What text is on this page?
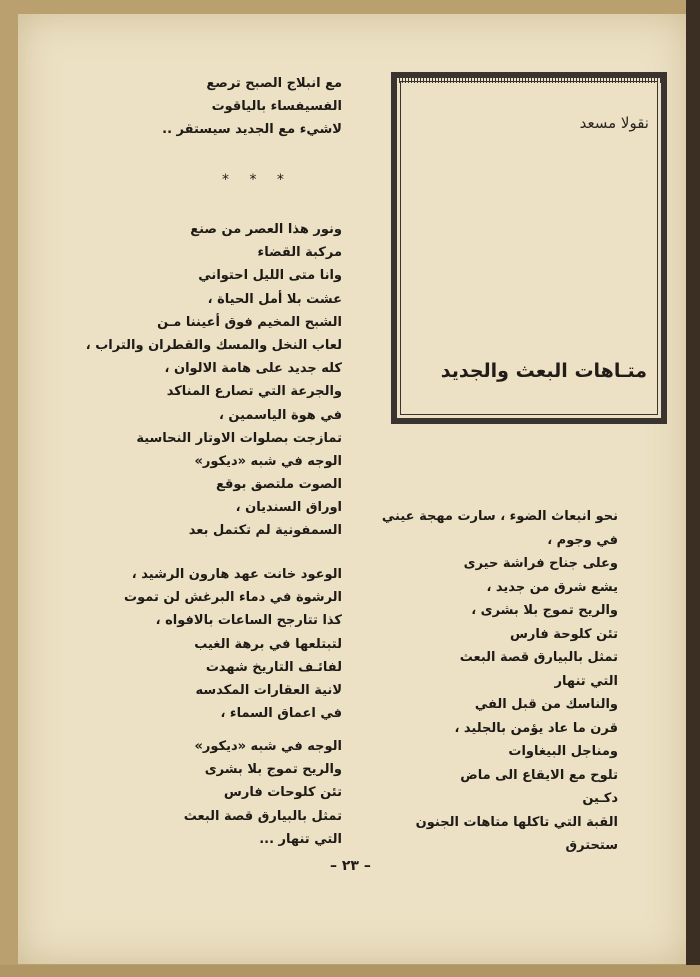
نقولا مسعد
متـاهات البعث والجديد
مع انبلاج الصبح ترصع
الفسيفساء بالياقوت
لاشيء مع الجديد سيستقر ..
* * *
ونور هذا العصر من صنع
مركبة القضاء
وانا متى الليل احتواني
عشت بلا أمل الحياة ،
الشبح المخيم فوق أعيننا مـن
لعاب النخل والمسك والقطران والتراب ،
كله جديد على هامة الالوان ،
والجرعة التي تصارع المناكد
في هوة الياسمين ،
تمازجت بصلوات الاوتار النحاسية
الوجه في شبه «ديكور»
الصوت ملتصق بوقع
اوراق السنديان ،
السمفونية لم تكتمل بعد
الوعود خانت عهد هارون الرشيد ،
الرشوة في دماء البرغش لن تموت
كذا تتارجح الساعات بالافواه ،
لتبتلعها في برهة الغيب
لفائـف التاريخ شهدت
لانية العقارات المكدسه
في اعماق السماء ،
الوجه في شبه «ديكور»
والريح تموج بلا بشرى
تئن كلوحات فارس
تمثل بالبيارق قصة البعث
التي تنهار ...
نحو انبعاث الضوء ، سارت مهجة عيني
في وجوم ،
وعلى جناح فراشة حيرى
يشع شرق من جديد ،
والريح تموج بلا بشرى ،
تئن كلوحة فارس
تمثل بالبيارق قصة البعث
التي تنهار
والناسك من قبل الفي
قرن ما عاد يؤمن بالجليد ،
ومناجل البيغاوات
تلوح مع الايقاع الى ماض
دكـين
القبة التي تاكلها متاهات الجنون
ستحترق
– ٢٣ –
